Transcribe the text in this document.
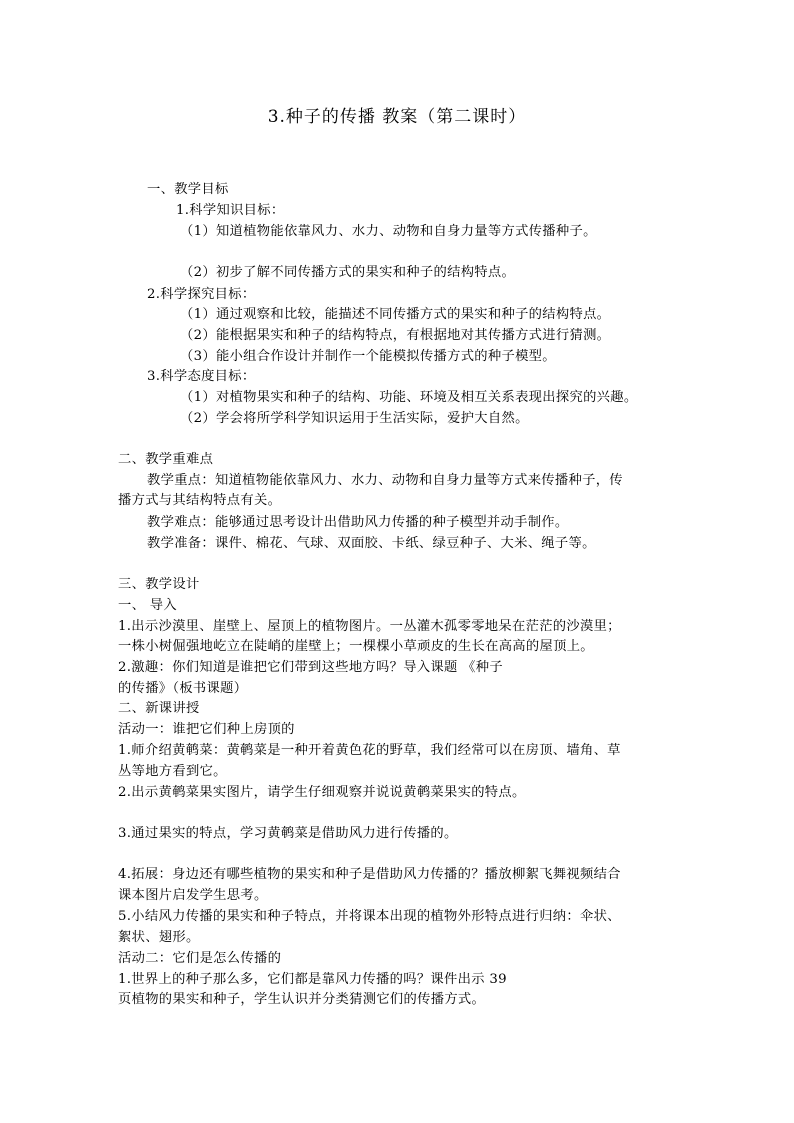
3.种子的传播 教案（第二课时）
一、教学目标
1.科学知识目标：
（1）知道植物能依靠风力、水力、动物和自身力量等方式传播种子。
（2）初步了解不同传播方式的果实和种子的结构特点。
2.科学探究目标：
（1）通过观察和比较，能描述不同传播方式的果实和种子的结构特点。
（2）能根据果实和种子的结构特点，有根据地对其传播方式进行猜测。
（3）能小组合作设计并制作一个能模拟传播方式的种子模型。
3.科学态度目标：
（1）对植物果实和种子的结构、功能、环境及相互关系表现出探究的兴趣。
（2）学会将所学科学知识运用于生活实际，爱护大自然。
二、教学重难点
教学重点：知道植物能依靠风力、水力、动物和自身力量等方式来传播种子，传
播方式与其结构特点有关。
教学难点：能够通过思考设计出借助风力传播的种子模型并动手制作。
教学准备：课件、棉花、气球、双面胶、卡纸、绿豆种子、大米、绳子等。
三、教学设计
一、 导入
1.出示沙漠里、崖壁上、屋顶上的植物图片。一丛灌木孤零零地呆在茫茫的沙漠里；
一株小树倔强地屹立在陡峭的崖壁上；一棵棵小草顽皮的生长在高高的屋顶上。
2.激趣：你们知道是谁把它们带到这些地方吗？导入课题 《种子
的传播》（板书课题）
二、新课讲授
活动一：谁把它们种上房顶的
1.师介绍黄鹌菜：黄鹌菜是一种开着黄色花的野草，我们经常可以在房顶、墙角、草
丛等地方看到它。
2.出示黄鹌菜果实图片，请学生仔细观察并说说黄鹌菜果实的特点。
3.通过果实的特点，学习黄鹌菜是借助风力进行传播的。
4.拓展：身边还有哪些植物的果实和种子是借助风力传播的？播放柳絮飞舞视频结合
课本图片启发学生思考。
5.小结风力传播的果实和种子特点，并将课本出现的植物外形特点进行归纳：伞状、
絮状、翅形。
活动二：它们是怎么传播的
1.世界上的种子那么多，它们都是靠风力传播的吗？课件出示 39
页植物的果实和种子，学生认识并分类猜测它们的传播方式。
